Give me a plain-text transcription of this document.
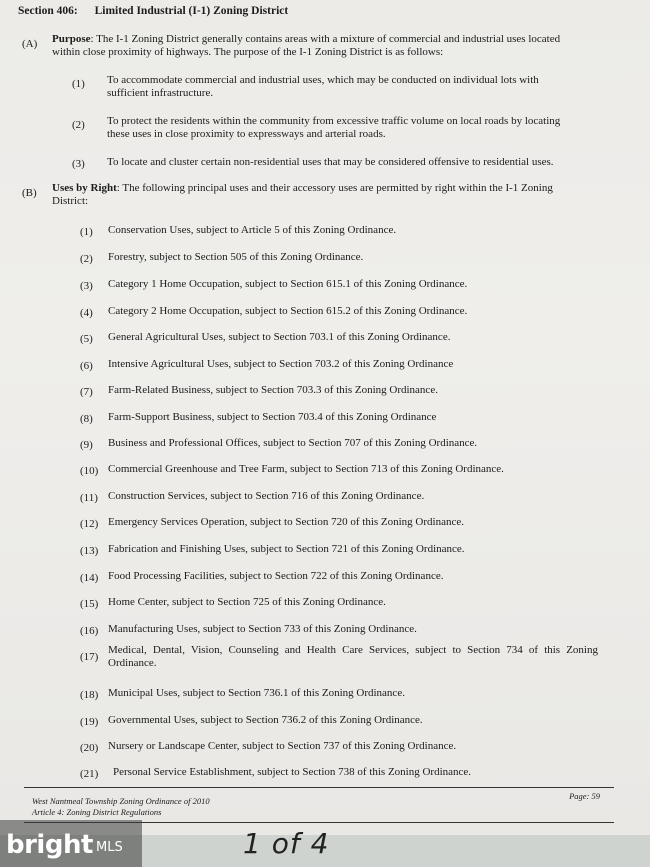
Section 406: Limited Industrial (I-1) Zoning District
(A) Purpose: The I-1 Zoning District generally contains areas with a mixture of commercial and industrial uses located
within close proximity of highways. The purpose of the I-1 Zoning District is as follows:
(1) To accommodate commercial and industrial uses, which may be conducted on individual lots with
sufficient infrastructure.
(2) To protect the residents within the community from excessive traffic volume on local roads by locating
these uses in close proximity to expressways and arterial roads.
(3) To locate and cluster certain non-residential uses that may be considered offensive to residential uses.
(B) Uses by Right: The following principal uses and their accessory uses are permitted by right within the I-1 Zoning
District:
(1)	Conservation Uses, subject to Article 5 of this Zoning Ordinance.
(2)	Forestry, subject to Section 505 of this Zoning Ordinance.
(3)	Category 1 Home Occupation, subject to Section 615.1 of this Zoning Ordinance.
(4)	Category 2 Home Occupation, subject to Section 615.2 of this Zoning Ordinance.
(5)	General Agricultural Uses, subject to Section 703.1 of this Zoning Ordinance.
(6)	Intensive Agricultural Uses, subject to Section 703.2 of this Zoning Ordinance
(7)	Farm-Related Business, subject to Section 703.3 of this Zoning Ordinance.
(8)	Farm-Support Business, subject to Section 703.4 of this Zoning Ordinance
(9)	Business and Professional Offices, subject to Section 707 of this Zoning Ordinance.
(10) Commercial Greenhouse and Tree Farm, subject to Section 713 of this Zoning Ordinance.
(11) Construction Services, subject to Section 716 of this Zoning Ordinance.
(12) Emergency Services Operation, subject to Section 720 of this Zoning Ordinance.
(13) Fabrication and Finishing Uses, subject to Section 721 of this Zoning Ordinance.
(14) Food Processing Facilities, subject to Section 722 of this Zoning Ordinance.
(15) Home Center, subject to Section 725 of this Zoning Ordinance.
(16) Manufacturing Uses, subject to Section 733 of this Zoning Ordinance.
(17)
Medical, Dental, Vision, Counseling and Health Care Services, subject to Section 734 of this Zoning Ordinance.
(18) Municipal Uses, subject to Section 736.1 of this Zoning Ordinance.
(19) Governmental Uses, subject to Section 736.2 of this Zoning Ordinance.
(20) Nursery or Landscape Center, subject to Section 737 of this Zoning Ordinance.
(21)	Personal Service Establishment, subject to Section 738 of this Zoning Ordinance.
West Nantmeal Township Zoning Ordinance of 2010
Article 4: Zoning District Regulations
Page: 59
1 of 4
bright MLS
